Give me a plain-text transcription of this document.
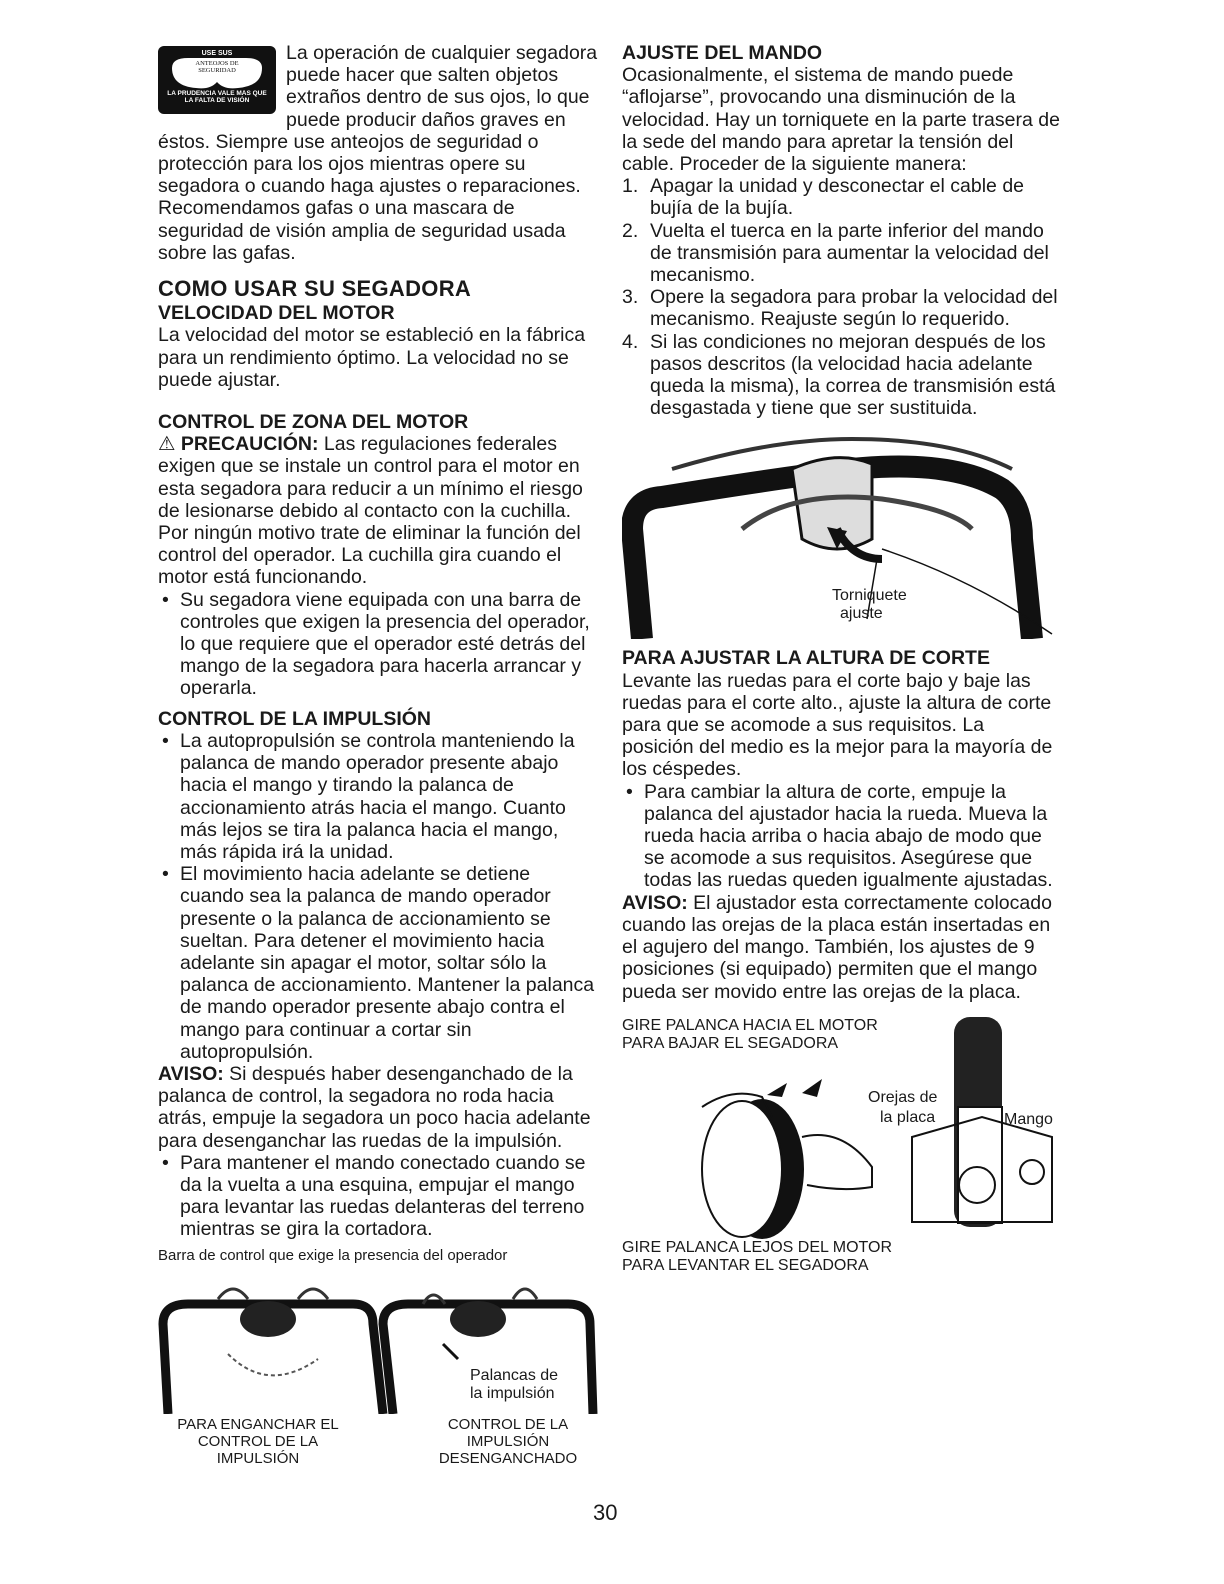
USE SUS
ANTEOJOS DE SEGURIDAD
LA PRUDENCIA VALE MÁS QUE LA FALTA DE VISIÓN

La operación de cualquier segadora puede hacer que salten objetos extraños dentro de sus ojos, lo que puede producir daños graves en éstos. Siempre use anteojos de seguridad o protección para los ojos mientras opere su segadora o cuando haga ajustes o reparaciones. Recomendamos gafas o una mascara de seguridad de visión amplia de seguridad usada sobre las gafas.

COMO USAR SU SEGADORA

VELOCIDAD DEL MOTOR

La velocidad del motor se estableció en la fábrica para un rendimiento óptimo. La velocidad no se puede ajustar.

CONTROL DE ZONA DEL MOTOR

⚠ PRECAUCIÓN: Las regulaciones federales exigen que se instale un control para el motor en esta segadora para reducir a un mínimo el riesgo de lesionarse debido al contacto con la cuchilla. Por ningún motivo trate de eliminar la función del control del operador. La cuchilla gira cuando el motor está funcionando.

• Su segadora viene equipada con una barra de controles que exigen la presencia del operador, lo que requiere que el operador esté detrás del mango de la segadora para hacerla arrancar y operarla.

CONTROL DE LA IMPULSIÓN

• La autopropulsión se controla manteniendo la palanca de mando operador presente abajo hacia el mango y tirando la palanca de accionamiento atrás hacia el mango. Cuanto más lejos se tira la palanca hacia el mango, más rápida irá la unidad.

• El movimiento hacia adelante se detiene cuando sea la palanca de mando operador presente o la palanca de accionamiento se sueltan. Para detener el movimiento hacia adelante sin apagar el motor, soltar sólo la palanca de accionamiento. Mantener la palanca de mando operador presente abajo contra el mango para continuar a cortar sin autopropulsión.

AVISO: Si después haber desenganchado de la palanca de control, la segadora no roda hacia atrás, empuje la segadora un poco hacia adelante para desenganchar las ruedas de la impulsión.

• Para mantener el mando conectado cuando se da la vuelta a una esquina, empujar el mango para levantar las ruedas delanteras del terreno mientras se gira la cortadora.

Barra de control que exige la presencia del operador

Palancas de la impulsión

PARA ENGANCHAR EL CONTROL DE LA IMPULSIÓN

CONTROL DE LA IMPULSIÓN DESENGANCHADO

AJUSTE DEL MANDO

Ocasionalmente, el sistema de mando puede “aflojarse”, provocando una disminución de la velocidad. Hay un torniquete en la parte trasera de la sede del mando para apretar la tensión del cable. Proceder de la siguiente manera:

1. Apagar la unidad y desconectar el cable de bujía de la bujía.

2. Vuelta el tuerca en la parte inferior del mando de transmisión para aumentar la velocidad del mecanismo.

3. Opere la segadora para probar la velocidad del mecanismo. Reajuste según lo requerido.

4. Si las condiciones no mejoran después de los pasos descritos (la velocidad hacia adelante queda la misma), la correa de transmisión está desgastada y tiene que ser sustituida.

Torniquete
ajuste

PARA AJUSTAR LA ALTURA DE CORTE

Levante las ruedas para el corte bajo y baje las ruedas para el corte alto., ajuste la altura de corte para que se acomode a sus requisitos. La posición del medio es la mejor para la mayoría de los céspedes.

• Para cambiar la altura de corte, empuje la palanca del ajustador hacia la rueda. Mueva la rueda hacia arriba o hacia abajo de modo que se acomode a sus requisitos. Asegúrese que todas las ruedas queden igualmente ajustadas.

AVISO: El ajustador esta correctamente colocado cuando las orejas de la placa están insertadas en el agujero del mango. También, los ajustes de 9 posiciones (si equipado) permiten que el mango pueda ser movido entre las orejas de la placa.

GIRE PALANCA HACIA EL MOTOR
PARA BAJAR EL SEGADORA
Orejas de
la placa	Mango
GIRE PALANCA LEJOS DEL MOTOR
PARA LEVANTAR EL SEGADORA
30
